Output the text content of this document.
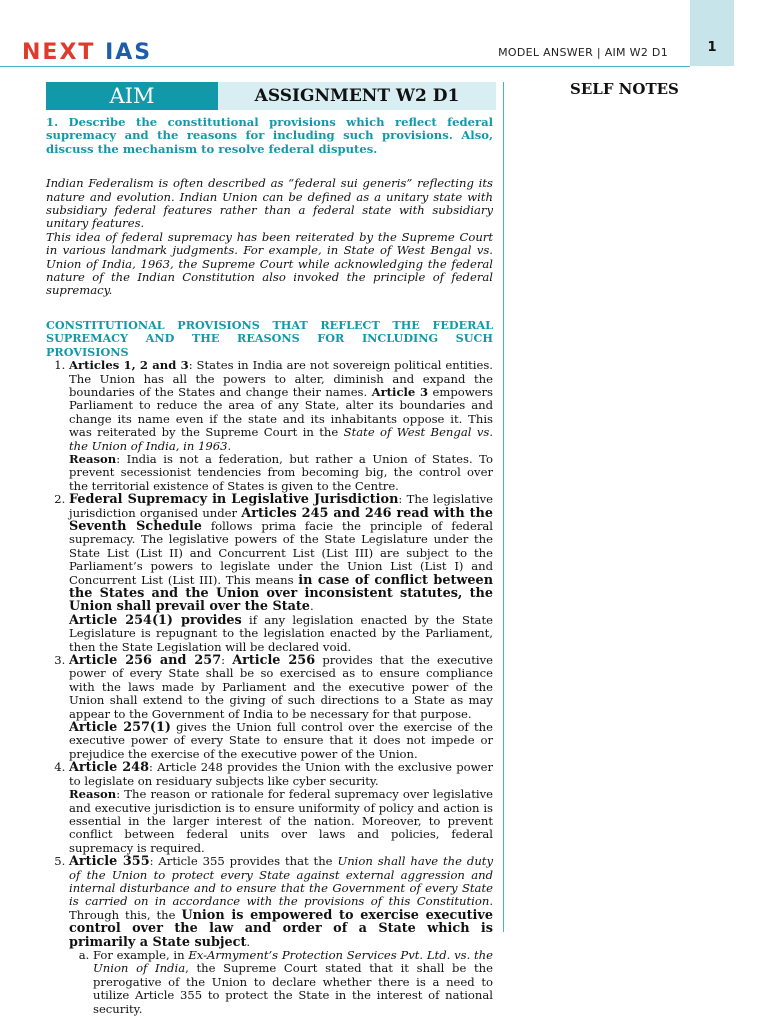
NEXT IAS	MODEL ANSWER | AIM W2 D1	1
AIM	ASSIGNMENT W2 D1	SELF NOTES

1. Describe the constitutional provisions which reflect federal supremacy and the reasons for including such provisions. Also, discuss the mechanism to resolve federal disputes.

Indian Federalism is often described as “federal sui generis” reflecting its nature and evolution. Indian Union can be defined as a unitary state with subsidiary federal features rather than a federal state with subsidiary unitary features.

This idea of federal supremacy has been reiterated by the Supreme Court in various landmark judgments. For example, in State of West Bengal vs. Union of India, 1963, the Supreme Court while acknowledging the federal nature of the Indian Constitution also invoked the principle of federal supremacy.

CONSTITUTIONAL PROVISIONS THAT REFLECT THE FEDERAL SUPREMACY AND THE REASONS FOR INCLUDING SUCH PROVISIONS

1. Articles 1, 2 and 3: States in India are not sovereign political entities. The Union has all the powers to alter, diminish and expand the boundaries of the States and change their names. Article 3 empowers Parliament to reduce the area of any State, alter its boundaries and change its name even if the state and its inhabitants oppose it. This was reiterated by the Supreme Court in the State of West Bengal vs. the Union of India, in 1963.

Reason: India is not a federation, but rather a Union of States. To prevent secessionist tendencies from becoming big, the control over the territorial existence of States is given to the Centre.

2. Federal Supremacy in Legislative Jurisdiction: The legislative jurisdiction organised under Articles 245 and 246 read with the Seventh Schedule follows prima facie the principle of federal supremacy. The legislative powers of the State Legislature under the State List (List II) and Concurrent List (List III) are subject to the Parliament’s powers to legislate under the Union List (List I) and Concurrent List (List III). This means in case of conflict between the States and the Union over inconsistent statutes, the Union shall prevail over the State.

Article 254(1) provides if any legislation enacted by the State Legislature is repugnant to the legislation enacted by the Parliament, then the State Legislation will be declared void.

3. Article 256 and 257: Article 256 provides that the executive power of every State shall be so exercised as to ensure compliance with the laws made by Parliament and the executive power of the Union shall extend to the giving of such directions to a State as may appear to the Government of India to be necessary for that purpose.

Article 257(1) gives the Union full control over the exercise of the executive power of every State to ensure that it does not impede or prejudice the exercise of the executive power of the Union.

4. Article 248: Article 248 provides the Union with the exclusive power to legislate on residuary subjects like cyber security.

Reason: The reason or rationale for federal supremacy over legislative and executive jurisdiction is to ensure uniformity of policy and action is essential in the larger interest of the nation. Moreover, to prevent conflict between federal units over laws and policies, federal supremacy is required.

5. Article 355: Article 355 provides that the Union shall have the duty of the Union to protect every State against external aggression and internal disturbance and to ensure that the Government of every State is carried on in accordance with the provisions of this Constitution. Through this, the Union is empowered to exercise executive control over the law and order of a State which is primarily a State subject.
a. For example, in Ex-Armyment’s Protection Services Pvt. Ltd. vs. the Union of India, the Supreme Court stated that it shall be the prerogative of the Union to declare whether there is a need to utilize Article 355 to protect the State in the interest of national security.
